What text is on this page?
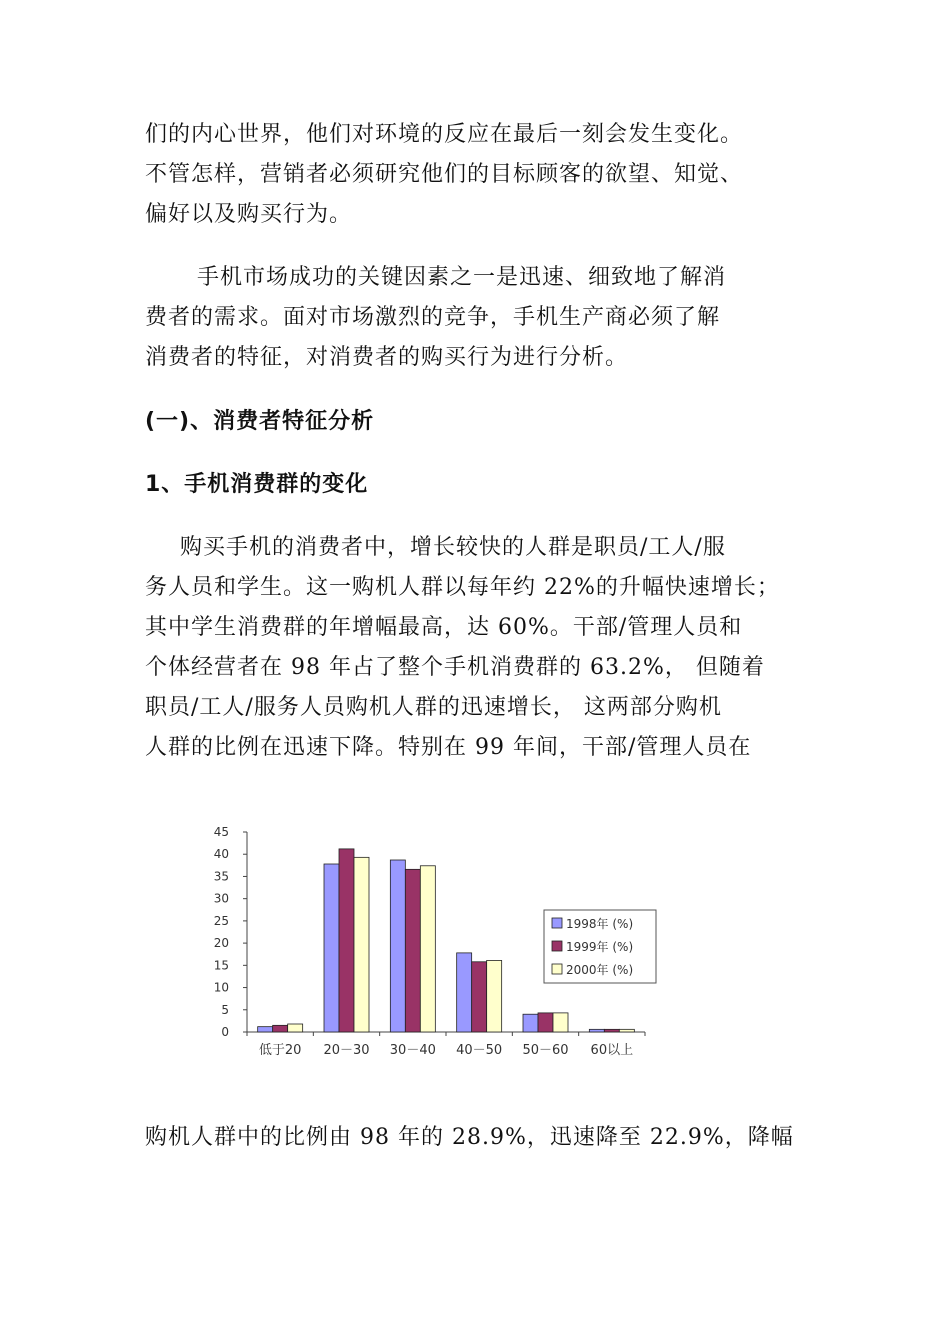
们的内心世界，他们对环境的反应在最后一刻会发生变化。
不管怎样，营销者必须研究他们的目标顾客的欲望、知觉、
偏好以及购买行为。
手机市场成功的关键因素之一是迅速、细致地了解消
费者的需求。面对市场激烈的竞争，手机生产商必须了解
消费者的特征，对消费者的购买行为进行分析。
(一)、消费者特征分析
1、手机消费群的变化
购买手机的消费者中，增长较快的人群是职员/工人/服
务人员和学生。这一购机人群以每年约 22%的升幅快速增长；
其中学生消费群的年增幅最高，达 60%。干部/管理人员和
个体经营者在 98 年占了整个手机消费群的 63.2%， 但随着
职员/工人/服务人员购机人群的迅速增长， 这两部分购机
人群的比例在迅速下降。特别在 99 年间，干部/管理人员在
0
5
10
15
20
25
30
35
40
45
低于20 20－30 30－40 40－50 50－60 60以上
1998年 (%)
1999年 (%)
2000年 (%)
购机人群中的比例由 98 年的 28.9%，迅速降至 22.9%，降幅
